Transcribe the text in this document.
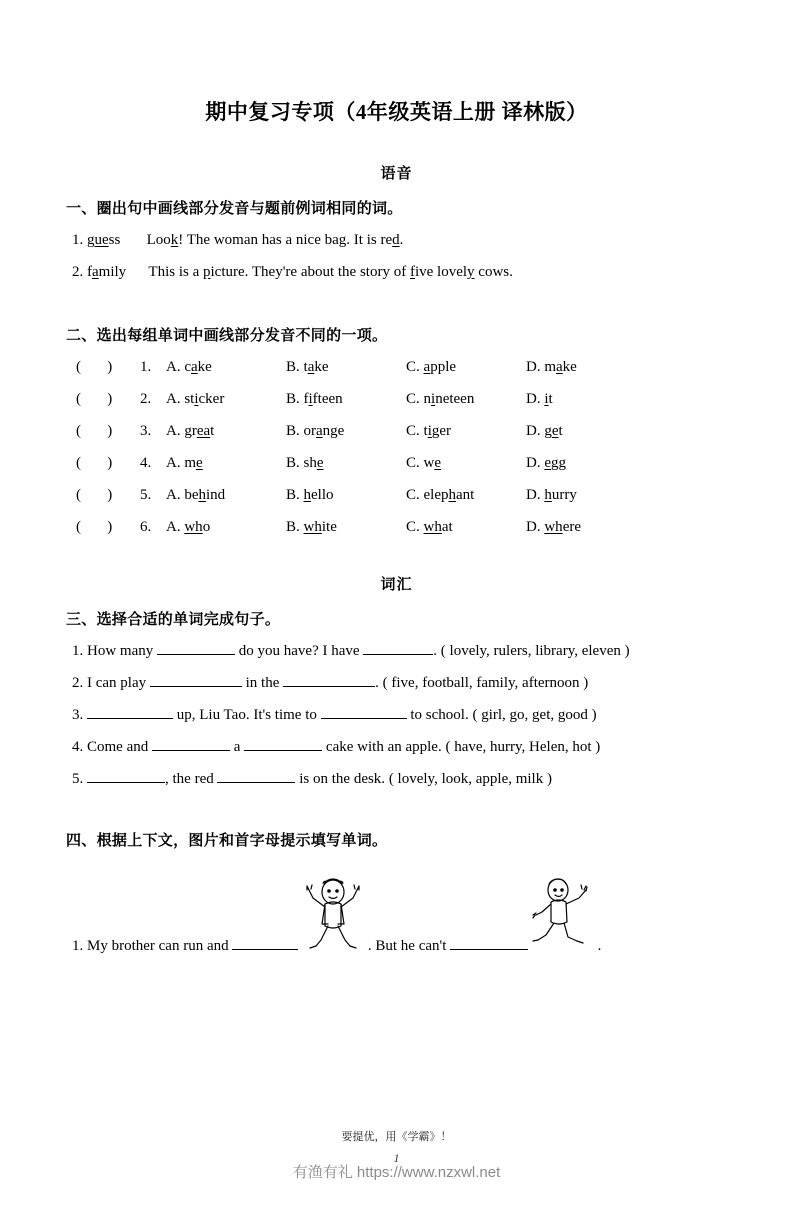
期中复习专项（4年级英语上册 译林版）
语音
一、圈出句中画线部分发音与题前例词相同的词。
1. guess Look! The woman has a nice bag. It is red.
2. family This is a picture. They're about the story of five lovely cows.
二、选出每组单词中画线部分发音不同的一项。
(       )	1. A. cake	B. take	C. apple	D. make
(       )	2. A. sticker	B. fifteen	C. nineteen	D. it
(       )	3. A. great	B. orange	C. tiger	D. get
(       )	4. A. me	B. she	C. we	D. egg
(       )	5. A. behind	B. hello	C. elephant	D. hurry
(       )	6. A. who	B. white	C. what	D. where
词汇
三、选择合适的单词完成句子。
1. How many	do you have? I have	. ( lovely, rulers, library, eleven )
2. I can play	in the	. ( five, football, family, afternoon )
3.	up, Liu Tao. It's time to	to school. ( girl, go, get, good )
4. Come and	a	cake with an apple. ( have, hurry, Helen, hot )
5.	, the red	is on the desk. ( lovely, look, apple, milk )
四、根据上下文，图片和首字母提示填写单词。
1. My brother can run and	. But he can't	.
要提优，用《学霸》！
1
有渔有礼 https://www.nzxwl.net
